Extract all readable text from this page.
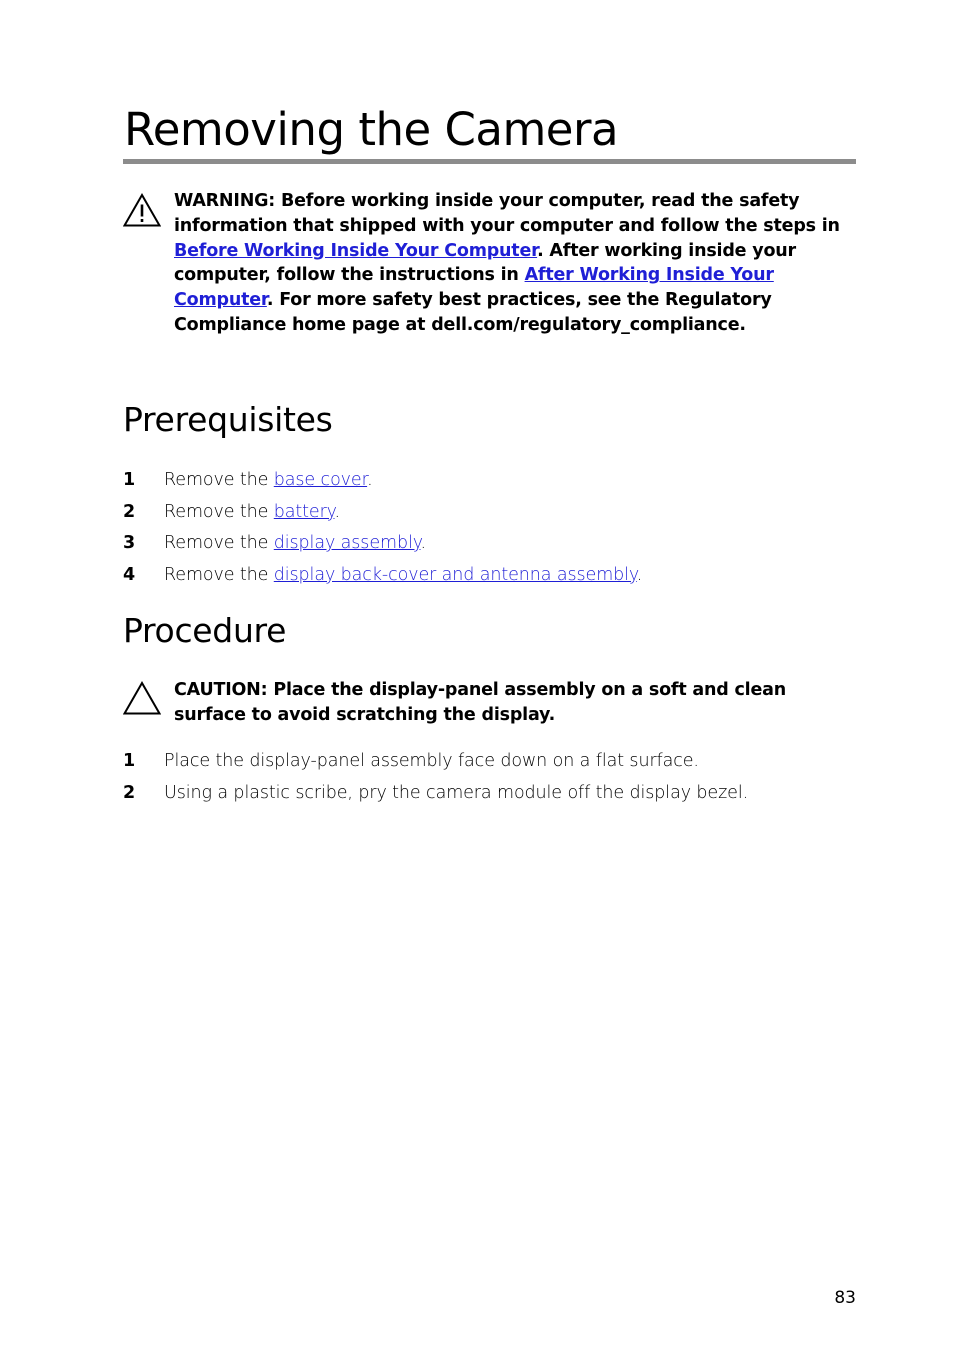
Removing the Camera
WARNING: Before working inside your computer, read the safety information that shipped with your computer and follow the steps in Before Working Inside Your Computer. After working inside your computer, follow the instructions in After Working Inside Your Computer. For more safety best practices, see the Regulatory Compliance home page at dell.com/regulatory_compliance.
Prerequisites
1 Remove the base cover.
2 Remove the battery.
3 Remove the display assembly.
4 Remove the display back-cover and antenna assembly.
Procedure
CAUTION: Place the display-panel assembly on a soft and clean surface to avoid scratching the display.
1 Place the display-panel assembly face down on a flat surface.
2 Using a plastic scribe, pry the camera module off the display bezel.
83
